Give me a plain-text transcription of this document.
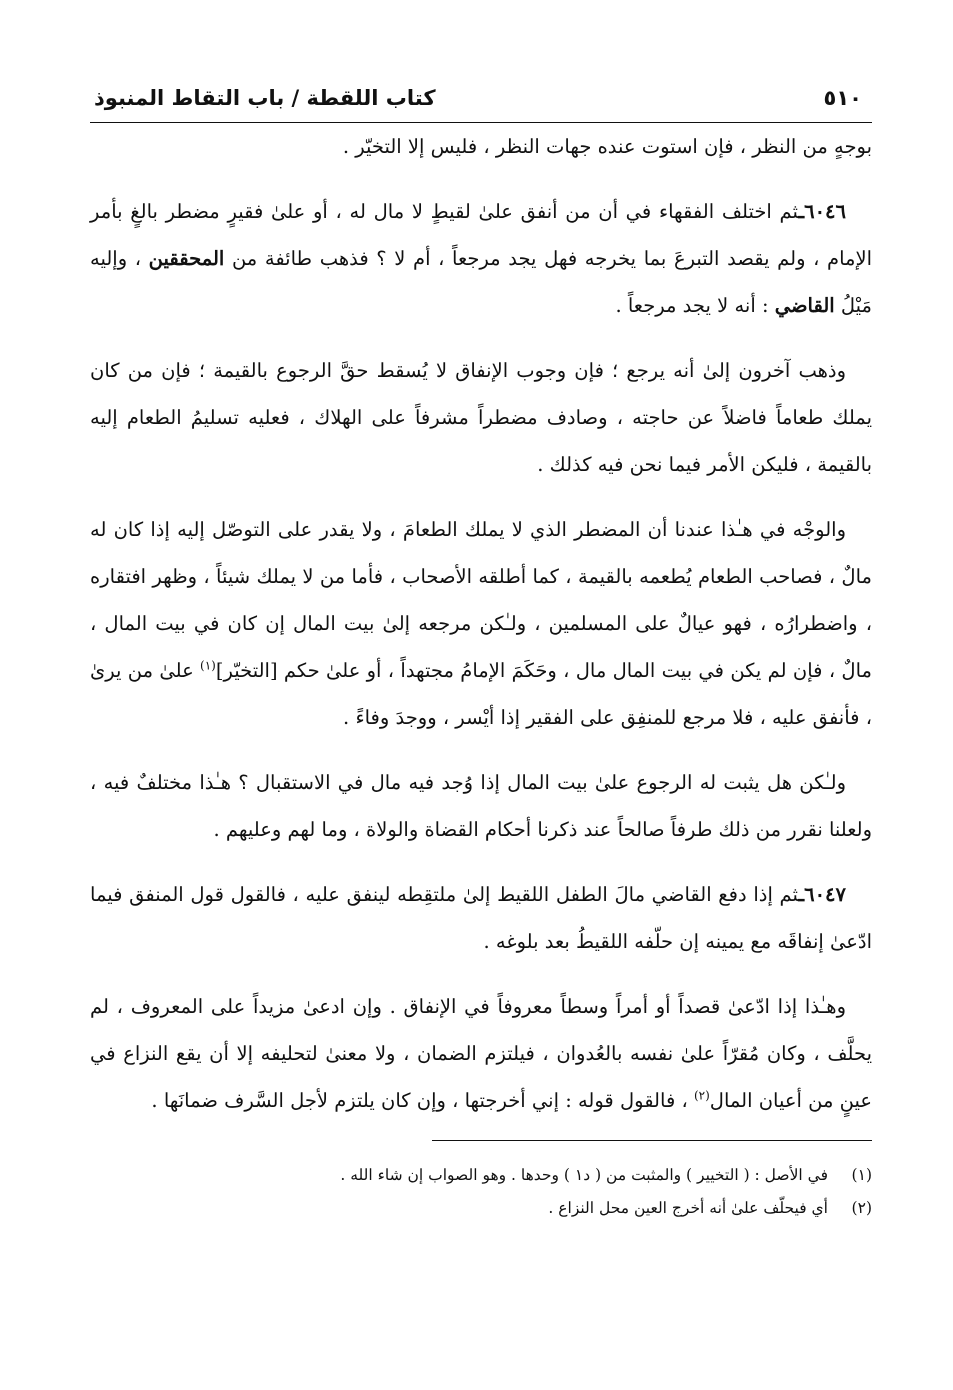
٥١٠
كتاب اللقطة / باب التقاط المنبوذ

بوجهٍ من النظر ، فإن استوت عنده جهات النظر ، فليس إلا التخيّر .

٦٠٤٦ـثم اختلف الفقهاء في أن من أنفق علىٰ لقيطٍ لا مال له ، أو علىٰ فقيرٍ مضطر بالغٍ بأمر الإمام ، ولم يقصد التبرعَ بما يخرجه فهل يجد مرجعاً ، أم لا ؟ فذهب طائفة من المحققين ، وإليه مَيْلُ القاضي : أنه لا يجد مرجعاً .

وذهب آخرون إلىٰ أنه يرجع ؛ فإن وجوب الإنفاق لا يُسقط حقَّ الرجوع بالقيمة ؛ فإن من كان يملك طعاماً فاضلاً عن حاجته ، وصادف مضطراً مشرفاً على الهلاك ، فعليه تسليمُ الطعام إليه بالقيمة ، فليكن الأمر فيما نحن فيه كذلك .

والوجْه في هـٰذا عندنا أن المضطر الذي لا يملك الطعامَ ، ولا يقدر على التوصّل إليه إذا كان له مالٌ ، فصاحب الطعام يُطعمه بالقيمة ، كما أطلقه الأصحاب ، فأما من لا يملك شيئاً ، وظهر افتقاره ، واضطرارُه ، فهو عيالٌ على المسلمين ، ولـٰكن مرجعه إلىٰ بيت المال إن كان في بيت المال ، مالٌ ، فإن لم يكن في بيت المال مال ، وحَكَمَ الإمامُ مجتهداً ، أو علىٰ حكم [التخيّر]$^{(١)}$ علىٰ من يرىٰ ، فأنفق عليه ، فلا مرجع للمنفِق على الفقير إذا أيْسر ، ووجدَ وفاءً .

ولـٰكن هل يثبت له الرجوع علىٰ بيت المال إذا وُجد فيه مال في الاستقبال ؟ هـٰذا مختلفٌ فيه ، ولعلنا نقرر من ذلك طرفاً صالحاً عند ذكرنا أحكام القضاة والولاة ، وما لهم وعليهم .

٦٠٤٧ـثم إذا دفع القاضي مالَ الطفل اللقيط إلىٰ ملتقِطه لينفق عليه ، فالقول قول المنفق فيما ادّعىٰ إنفاقَه مع يمينه إن حلّفه اللقيطُ بعد بلوغه .

وهـٰذا إذا ادّعىٰ قصداً أو أمراً وسطاً معروفاً في الإنفاق . وإن ادعىٰ مزيداً على المعروف ، لم يحلَّف ، وكان مُقرّاً علىٰ نفسه بالعُدوان ، فيلتزم الضمان ، ولا معنىٰ لتحليفه إلا أن يقع النزاع في عينٍ من أعيان المال$^{(٢)}$ ، فالقول قوله : إني أخرجتها ، وإن كان يلتزم لأجل السَّرف ضمانَها .

(١)
في الأصل : ( التخيير ) والمثبت من ( د١ ) وحدها . وهو الصواب إن شاء الله .
(٢)
أي فيحلّف علىٰ أنه أخرج العين محل النزاع .
